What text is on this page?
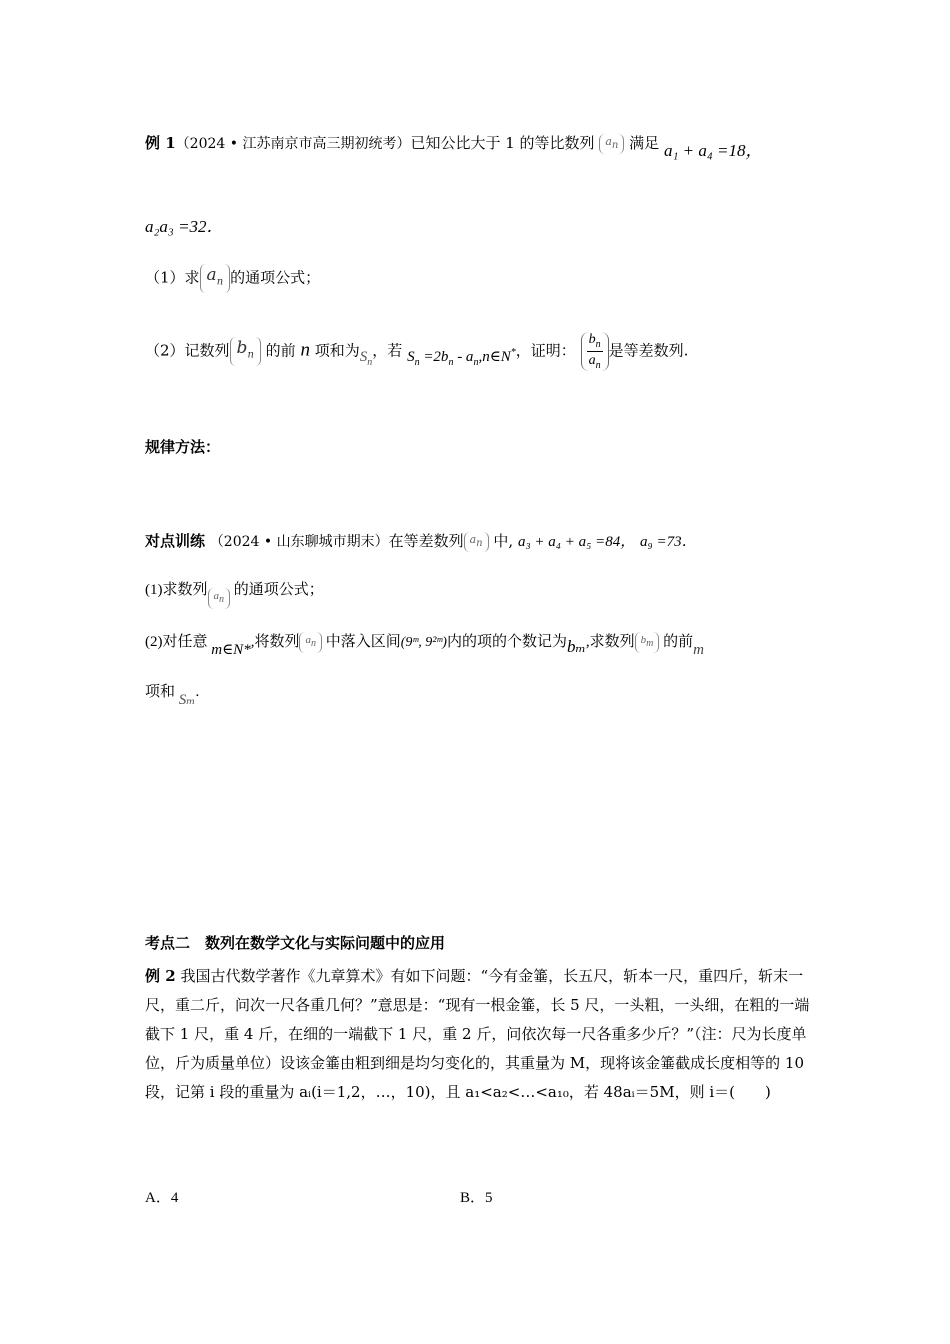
例 1（2024 • 江苏南京市高三期初统考）已知公比大于 1 的等比数列 $a_n$ 满足 a₁ + a₄ =18，
a₂a₃ =32．
（1）求 $a_n$ 的通项公式；
（2）记数列 $b_n$ 的前 n 项和为$S_n$，若 $S_n =2b_n$ - $a_n,n\in N^*$，证明： $\frac{b_n}{a_n}$ 是等差数列.
规律方法：
对点训练 （2024 • 山东聊城市期末）在等差数列 $a_n$ 中, a₃ + a₄ + a₅ =84， a₉ =73．
(1)求数列 $a_n$ 的通项公式；
(2)对任意 m∈N*,将数列 $a_n$ 中落入区间(9ᵐ, 9²ᵐ)内的项的个数记为bₘ,求数列 $b_m$ 的前m
项和 Sₘ.
考点二　数列在数学文化与实际问题中的应用
例 2 我国古代数学著作《九章算术》有如下问题：“今有金箠，长五尺，斩本一尺，重四斤，斩末一尺，重二斤，问次一尺各重几何？”意思是：“现有一根金箠，长 5 尺，一头粗，一头细，在粗的一端截下 1 尺，重 4 斤，在细的一端截下 1 尺，重 2 斤，问依次每一尺各重多少斤？”（注：尺为长度单位，斤为质量单位）设该金箠由粗到细是均匀变化的，其重量为 M，现将该金箠截成长度相等的 10 段，记第 i 段的重量为 aᵢ(i＝1,2，…，10)，且 a₁<a₂<…<a₁₀，若 48aᵢ＝5M，则 i＝(　　)
A．4	B．5
